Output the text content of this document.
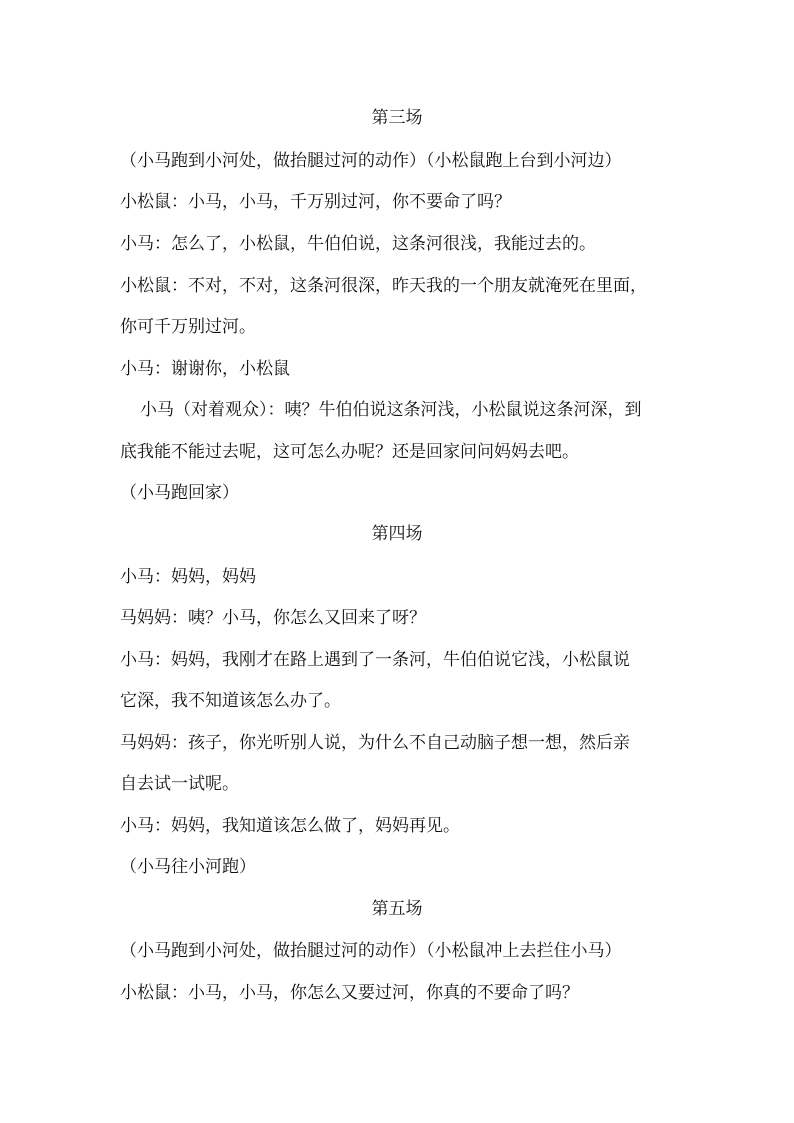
第三场
（小马跑到小河处，做抬腿过河的动作）（小松鼠跑上台到小河边）
小松鼠：小马，小马，千万别过河，你不要命了吗？
小马：怎么了，小松鼠，牛伯伯说，这条河很浅，我能过去的。
小松鼠：不对，不对，这条河很深，昨天我的一个朋友就淹死在里面，
你可千万别过河。
小马：谢谢你，小松鼠
小马（对着观众）：咦？牛伯伯说这条河浅，小松鼠说这条河深，到
底我能不能过去呢，这可怎么办呢？还是回家问问妈妈去吧。
（小马跑回家）
第四场
小马：妈妈，妈妈
马妈妈：咦？小马，你怎么又回来了呀？
小马：妈妈，我刚才在路上遇到了一条河，牛伯伯说它浅，小松鼠说
它深，我不知道该怎么办了。
马妈妈：孩子，你光听别人说，为什么不自己动脑子想一想，然后亲
自去试一试呢。
小马：妈妈，我知道该怎么做了，妈妈再见。
（小马往小河跑）
第五场
（小马跑到小河处，做抬腿过河的动作）（小松鼠冲上去拦住小马）
小松鼠：小马，小马，你怎么又要过河，你真的不要命了吗？
